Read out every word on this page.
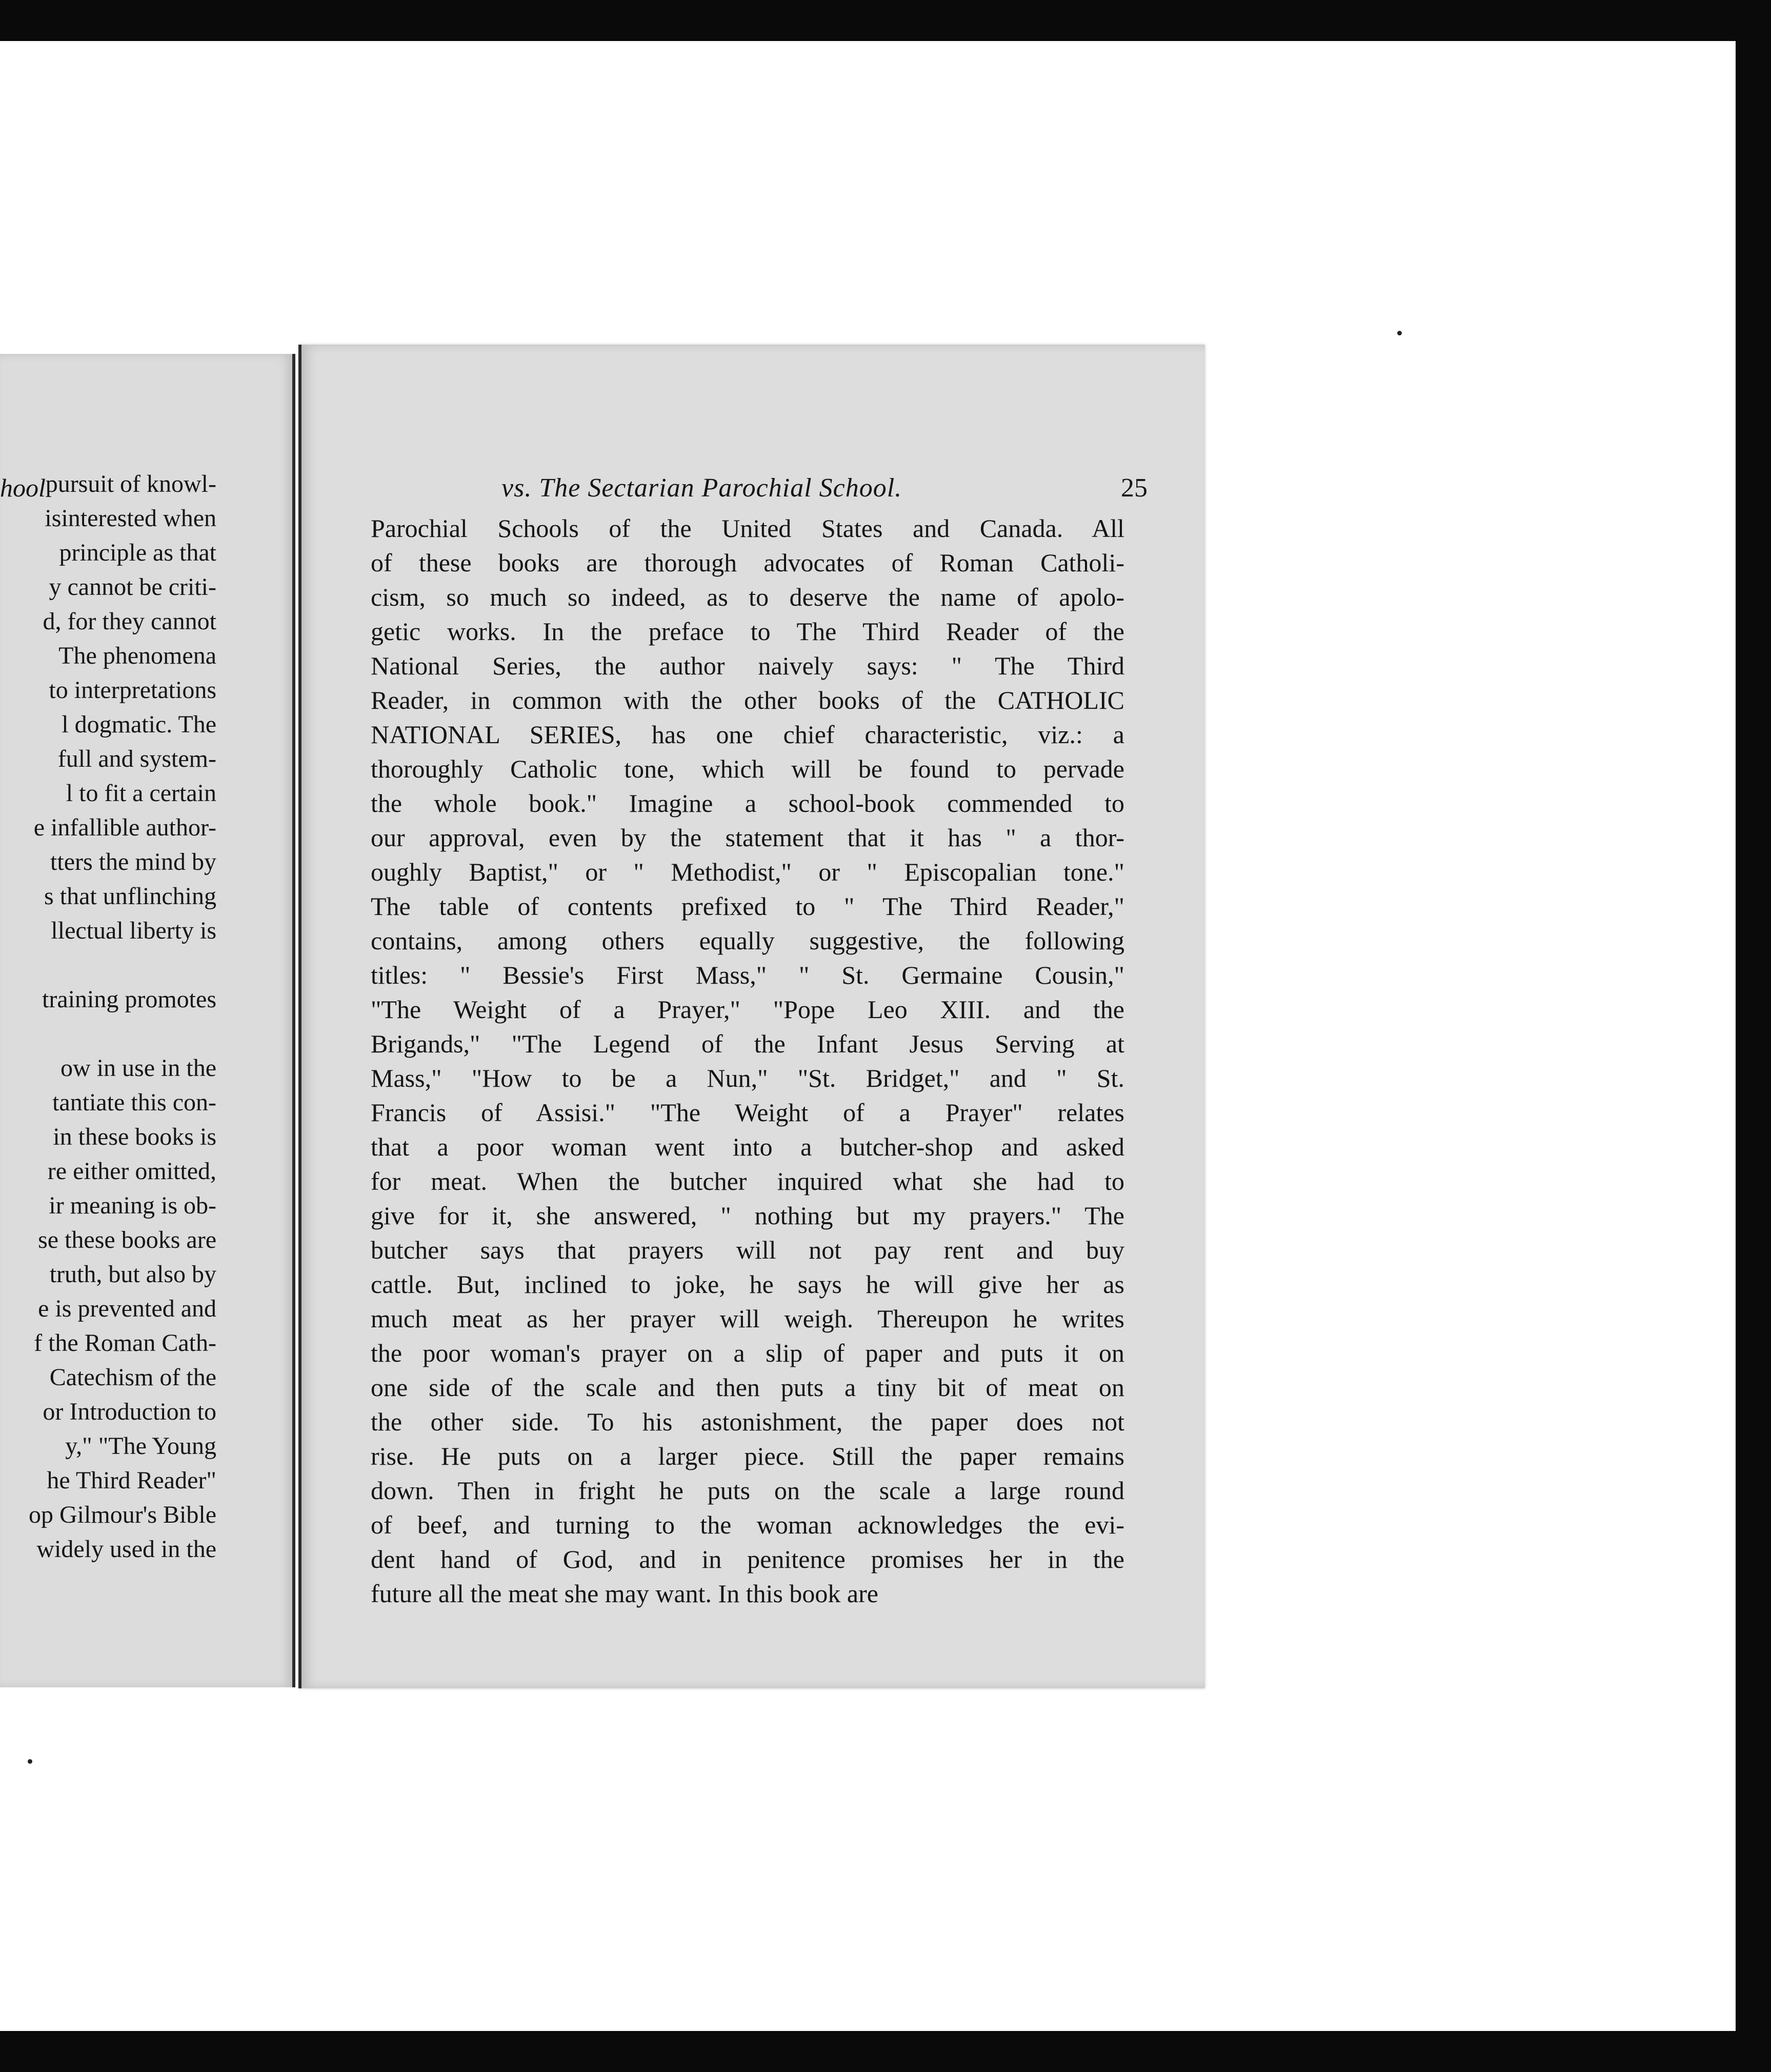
hool pursuit of knowl-
isinterested when
principle as that
y cannot be criti-
d, for they cannot
The phenomena
to interpretations
l dogmatic. The
full and system-
l to fit a certain
e infallible author-
tters the mind by
s that unflinching
llectual liberty is

training promotes

ow in use in the
tantiate this con-
in these books is
re either omitted,
ir meaning is ob-
se these books are
truth, but also by
e is prevented and
f the Roman Cath-
Catechism of the
or Introduction to
y," "The Young
he Third Reader"
op Gilmour's Bible
widely used in the
vs. The Sectarian Parochial School.	25
Parochial Schools of the United States and Canada. All
of these books are thorough advocates of Roman Catholi-
cism, so much so indeed, as to deserve the name of apolo-
getic works. In the preface to The Third Reader of the
National Series, the author naively says: " The Third
Reader, in common with the other books of the CATHOLIC
NATIONAL SERIES, has one chief characteristic, viz.: a
thoroughly Catholic tone, which will be found to pervade
the whole book." Imagine a school-book commended to
our approval, even by the statement that it has " a thor-
oughly Baptist," or " Methodist," or " Episcopalian tone."
The table of contents prefixed to " The Third Reader,"
contains, among others equally suggestive, the following
titles: " Bessie's First Mass," " St. Germaine Cousin,"
"The Weight of a Prayer," "Pope Leo XIII. and the
Brigands," "The Legend of the Infant Jesus Serving at
Mass," "How to be a Nun," "St. Bridget," and " St.
Francis of Assisi." "The Weight of a Prayer" relates
that a poor woman went into a butcher-shop and asked
for meat. When the butcher inquired what she had to
give for it, she answered, " nothing but my prayers." The
butcher says that prayers will not pay rent and buy
cattle. But, inclined to joke, he says he will give her as
much meat as her prayer will weigh. Thereupon he writes
the poor woman's prayer on a slip of paper and puts it on
one side of the scale and then puts a tiny bit of meat on
the other side. To his astonishment, the paper does not
rise. He puts on a larger piece. Still the paper remains
down. Then in fright he puts on the scale a large round
of beef, and turning to the woman acknowledges the evi-
dent hand of God, and in penitence promises her in the
future all the meat she may want. In this book are
